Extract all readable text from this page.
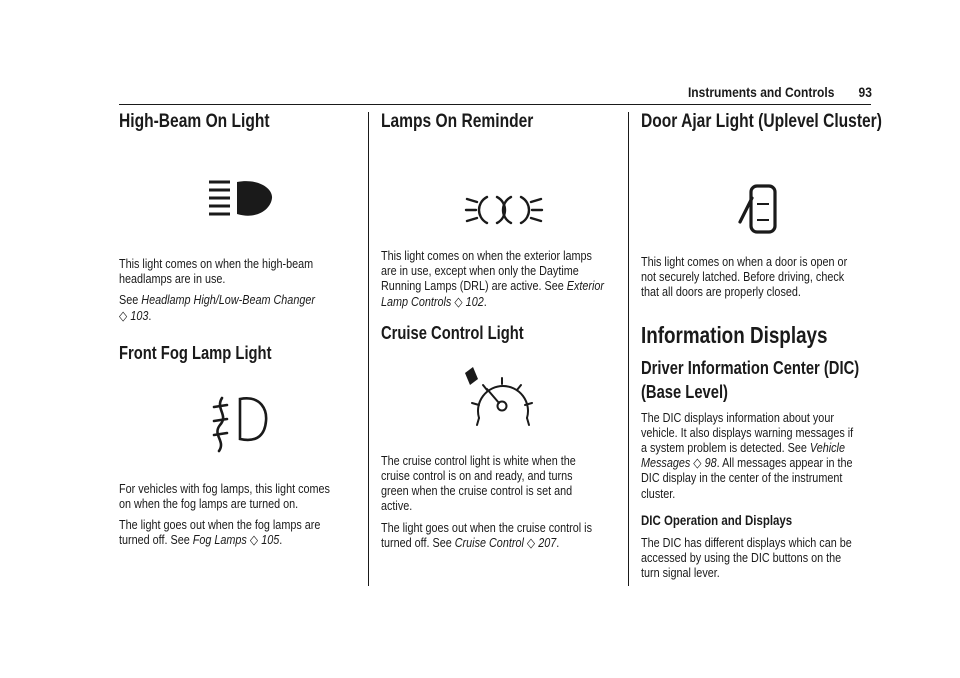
Instruments and Controls 93
High-Beam On Light

This light comes on when the high-beam
headlamps are in use.

See Headlamp High/Low-Beam Changer
◇ 103.

Front Fog Lamp Light

For vehicles with fog lamps, this light comes
on when the fog lamps are turned on.

The light goes out when the fog lamps are
turned off. See Fog Lamps ◇ 105.

Lamps On Reminder

This light comes on when the exterior lamps
are in use, except when only the Daytime
Running Lamps (DRL) are active. See Exterior
Lamp Controls ◇ 102.

Cruise Control Light

The cruise control light is white when the
cruise control is on and ready, and turns
green when the cruise control is set and
active.

The light goes out when the cruise control is
turned off. See Cruise Control ◇ 207.

Door Ajar Light (Uplevel Cluster)

This light comes on when a door is open or
not securely latched. Before driving, check
that all doors are properly closed.

Information Displays
Driver Information Center (DIC)
(Base Level)

The DIC displays information about your
vehicle. It also displays warning messages if
a system problem is detected. See Vehicle
Messages ◇ 98. All messages appear in the
DIC display in the center of the instrument
cluster.

DIC Operation and Displays

The DIC has different displays which can be
accessed by using the DIC buttons on the
turn signal lever.
